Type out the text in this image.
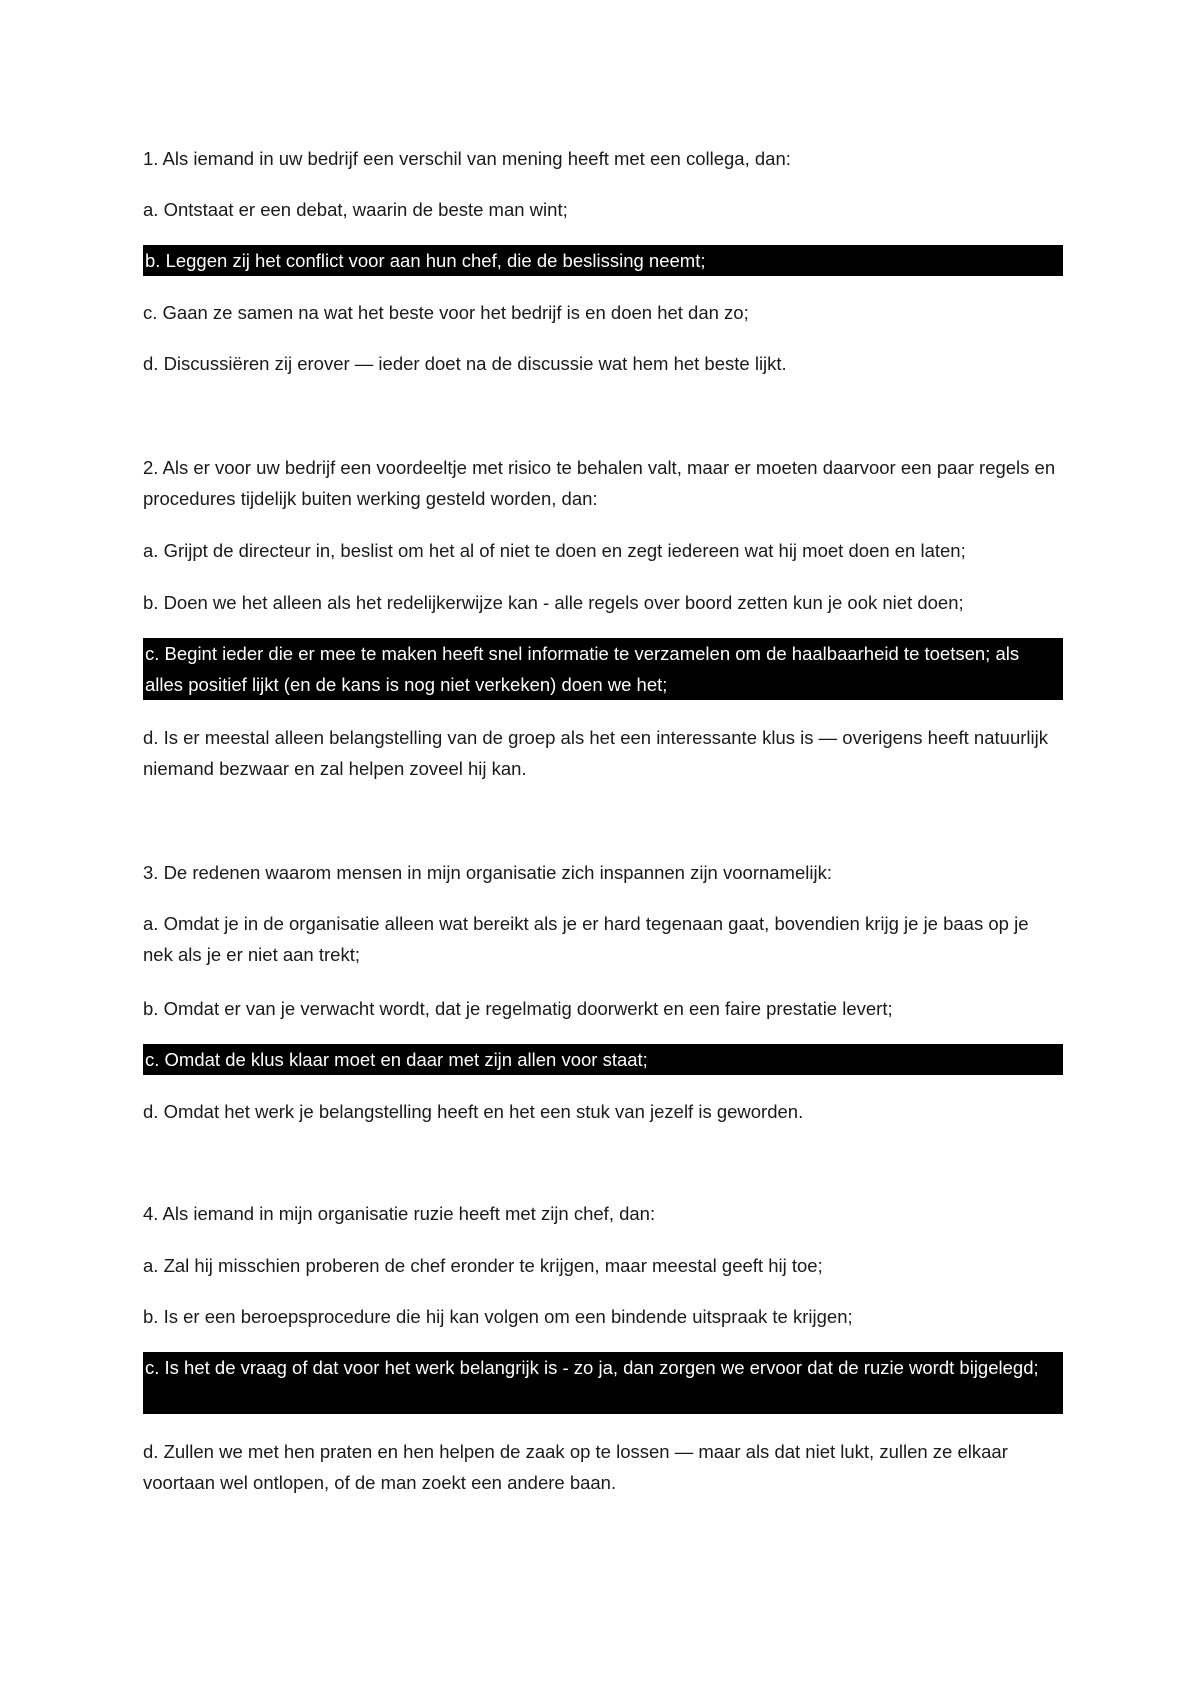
1. Als iemand in uw bedrijf een verschil van mening heeft met een collega, dan:

a. Ontstaat er een debat, waarin de beste man wint;

b. Leggen zij het conflict voor aan hun chef, die de beslissing neemt;

c. Gaan ze samen na wat het beste voor het bedrijf is en doen het dan zo;

d. Discussiëren zij erover — ieder doet na de discussie wat hem het beste lijkt.

2. Als er voor uw bedrijf een voordeeltje met risico te behalen valt, maar er moeten daarvoor een paar regels en procedures tijdelijk buiten werking gesteld worden, dan:

a. Grijpt de directeur in, beslist om het al of niet te doen en zegt iedereen wat hij moet doen en laten;

b. Doen we het alleen als het redelijkerwijze kan - alle regels over boord zetten kun je ook niet doen;

c. Begint ieder die er mee te maken heeft snel informatie te verzamelen om de haalbaarheid te toetsen; als alles positief lijkt (en de kans is nog niet verkeken) doen we het;

d. Is er meestal alleen belangstelling van de groep als het een interessante klus is — overigens heeft natuurlijk niemand bezwaar en zal helpen zoveel hij kan.

3. De redenen waarom mensen in mijn organisatie zich inspannen zijn voornamelijk:

a. Omdat je in de organisatie alleen wat bereikt als je er hard tegenaan gaat, bovendien krijg je je baas op je nek als je er niet aan trekt;

b. Omdat er van je verwacht wordt, dat je regelmatig doorwerkt en een faire prestatie levert;

c. Omdat de klus klaar moet en daar met zijn allen voor staat;

d. Omdat het werk je belangstelling heeft en het een stuk van jezelf is geworden.

4. Als iemand in mijn organisatie ruzie heeft met zijn chef, dan:

a. Zal hij misschien proberen de chef eronder te krijgen, maar meestal geeft hij toe;

b. Is er een beroepsprocedure die hij kan volgen om een bindende uitspraak te krijgen;

c. Is het de vraag of dat voor het werk belangrijk is - zo ja, dan zorgen we ervoor dat de ruzie wordt bijgelegd;

d. Zullen we met hen praten en hen helpen de zaak op te lossen — maar als dat niet lukt, zullen ze elkaar voortaan wel ontlopen, of de man zoekt een andere baan.
